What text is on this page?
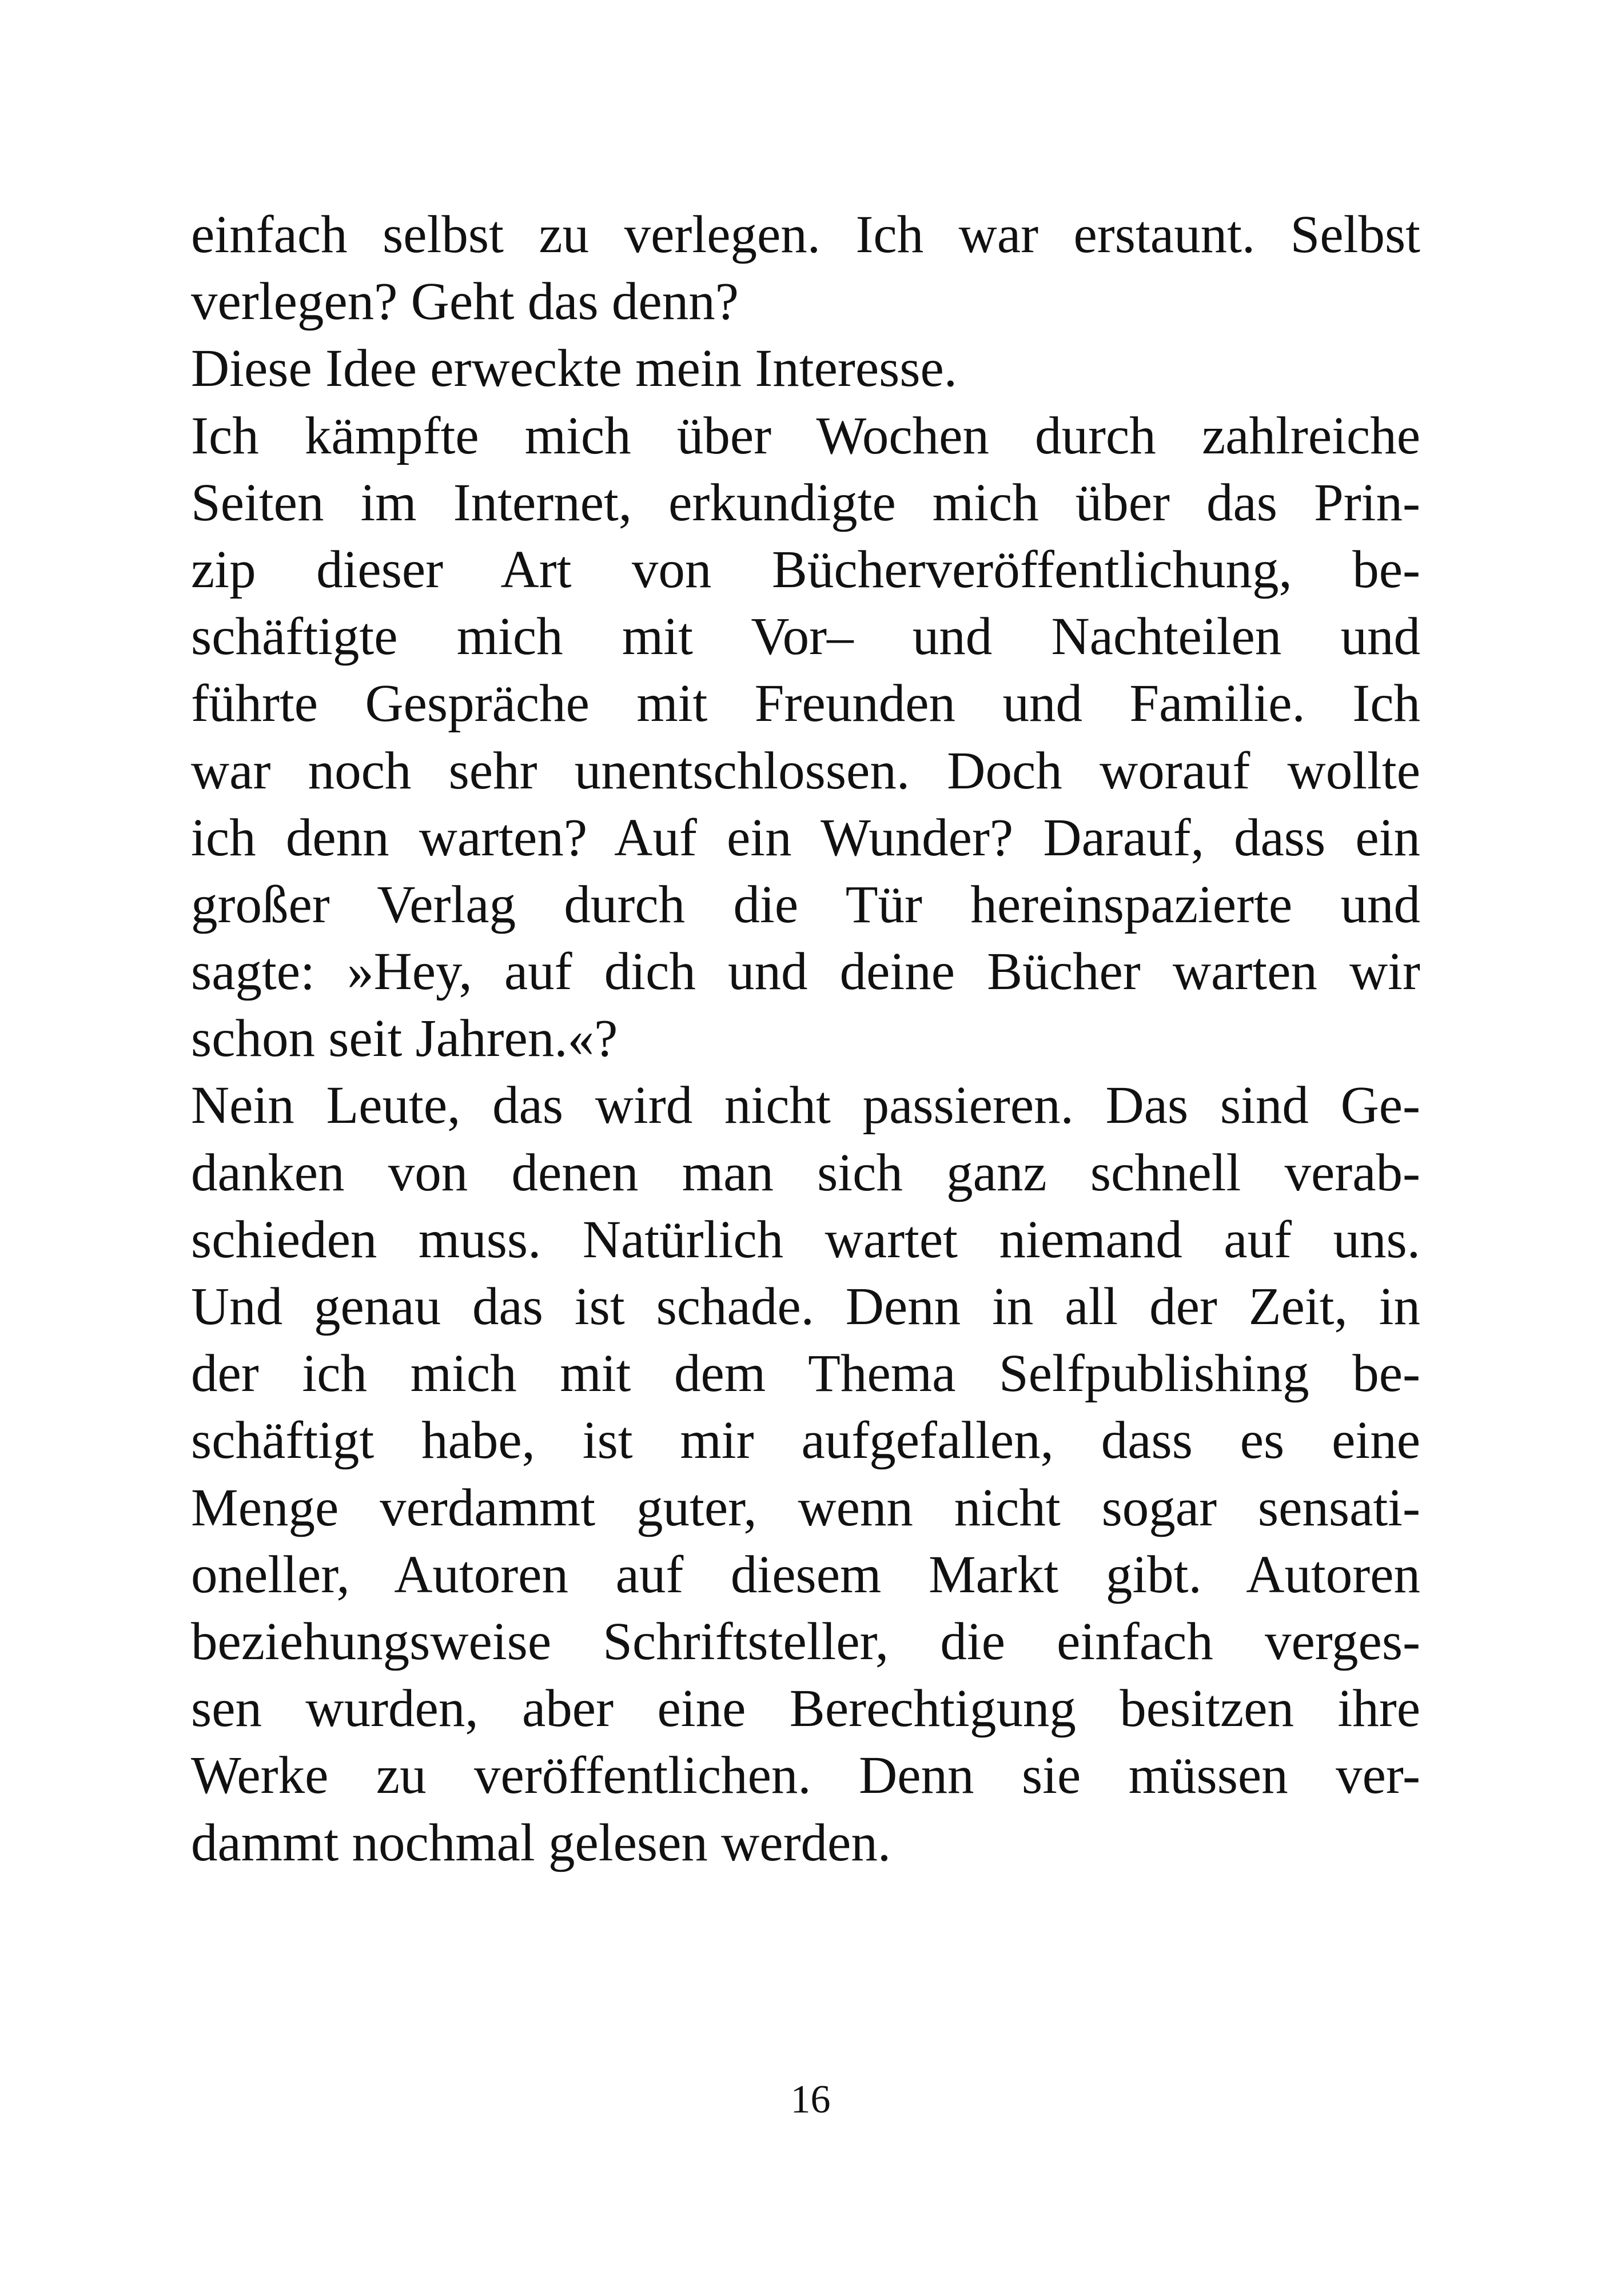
einfach selbst zu verlegen. Ich war erstaunt. Selbst
verlegen? Geht das denn?
Diese Idee erweckte mein Interesse.
Ich kämpfte mich über Wochen durch zahlreiche
Seiten im Internet, erkundigte mich über das Prin-
zip dieser Art von Bücherveröffentlichung, be-
schäftigte mich mit Vor– und Nachteilen und
führte Gespräche mit Freunden und Familie. Ich
war noch sehr unentschlossen. Doch worauf wollte
ich denn warten? Auf ein Wunder? Darauf, dass ein
großer Verlag durch die Tür hereinspazierte und
sagte: »Hey, auf dich und deine Bücher warten wir
schon seit Jahren.«?
Nein Leute, das wird nicht passieren. Das sind Ge-
danken von denen man sich ganz schnell verab-
schieden muss. Natürlich wartet niemand auf uns.
Und genau das ist schade. Denn in all der Zeit, in
der ich mich mit dem Thema Selfpublishing be-
schäftigt habe, ist mir aufgefallen, dass es eine
Menge verdammt guter, wenn nicht sogar sensati-
oneller, Autoren auf diesem Markt gibt. Autoren
beziehungsweise Schriftsteller, die einfach verges-
sen wurden, aber eine Berechtigung besitzen ihre
Werke zu veröffentlichen. Denn sie müssen ver-
dammt nochmal gelesen werden.
16
